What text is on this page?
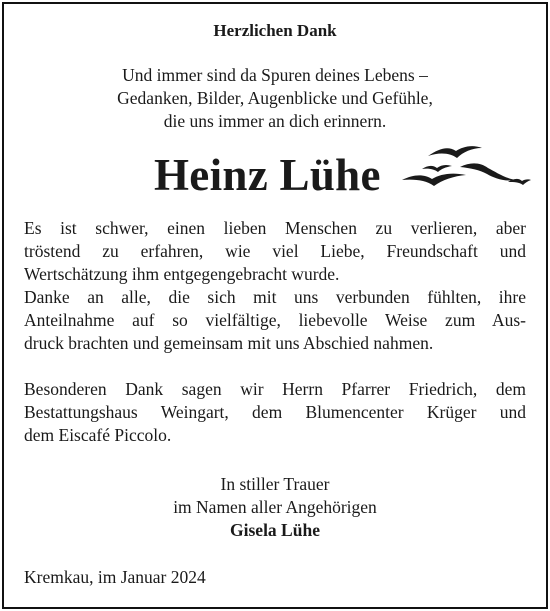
Herzlichen Dank
Und immer sind da Spuren deines Lebens –
Gedanken, Bilder, Augenblicke und Gefühle,
die uns immer an dich erinnern.
Heinz Lühe
Es ist schwer, einen lieben Menschen zu verlieren, aber
tröstend zu erfahren, wie viel Liebe, Freundschaft und
Wertschätzung ihm entgegengebracht wurde.
Danke an alle, die sich mit uns verbunden fühlten, ihre
Anteilnahme auf so vielfältige, liebevolle Weise zum Aus-
druck brachten und gemeinsam mit uns Abschied nahmen.
Besonderen Dank sagen wir Herrn Pfarrer Friedrich, dem
Bestattungshaus Weingart, dem Blumencenter Krüger und
dem Eiscafé Piccolo.
In stiller Trauer
im Namen aller Angehörigen
Gisela Lühe
Kremkau, im Januar 2024
